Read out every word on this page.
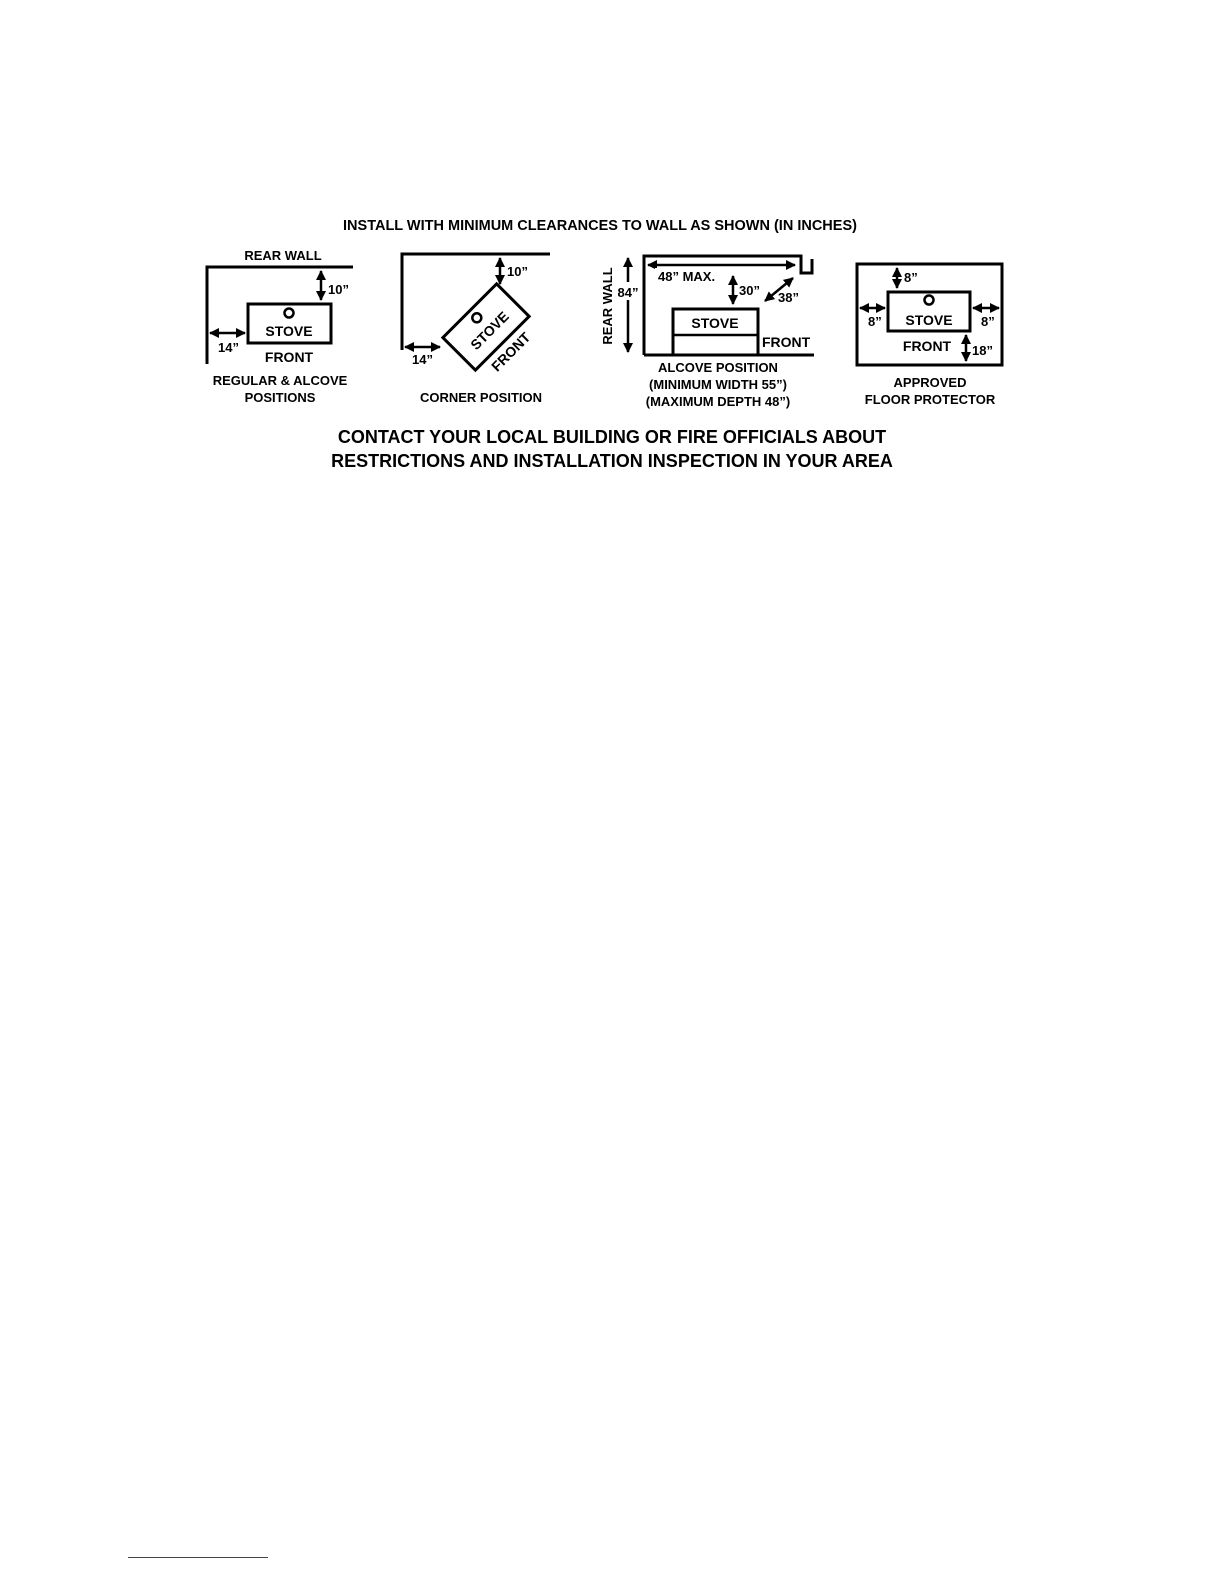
INSTALL WITH MINIMUM CLEARANCES TO WALL AS SHOWN (IN INCHES)
REAR WALL
10”
STOVE
14”
FRONT
REGULAR & ALCOVE
POSITIONS
10”
STOVE
FRONT
14”
CORNER POSITION
REAR WALL 84”
48” MAX.
30” 38”
STOVE
FRONT
ALCOVE POSITION
(MINIMUM WIDTH 55”)
(MAXIMUM DEPTH 48”)
8”
STOVE
8”	8”
FRONT 18”
APPROVED
FLOOR PROTECTOR
CONTACT YOUR LOCAL BUILDING OR FIRE OFFICIALS ABOUT
RESTRICTIONS AND INSTALLATION INSPECTION IN YOUR AREA
